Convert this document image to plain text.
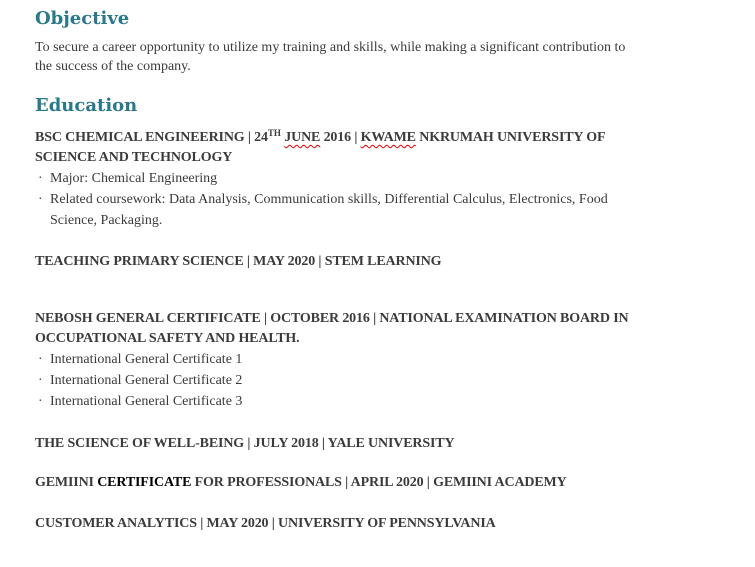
Objective
To secure a career opportunity to utilize my training and skills, while making a significant contribution to
the success of the company.
Education
BSC CHEMICAL ENGINEERING | 24TH JUNE 2016 | KWAME NKRUMAH UNIVERSITY OF
SCIENCE AND TECHNOLOGY
· Major: Chemical Engineering
· Related coursework: Data Analysis, Communication skills, Differential Calculus, Electronics, Food
Science, Packaging.
TEACHING PRIMARY SCIENCE | MAY 2020 | STEM LEARNING
NEBOSH GENERAL CERTIFICATE | OCTOBER 2016 | NATIONAL EXAMINATION BOARD IN
OCCUPATIONAL SAFETY AND HEALTH.
· International General Certificate 1
· International General Certificate 2
· International General Certificate 3
THE SCIENCE OF WELL-BEING | JULY 2018 | YALE UNIVERSITY
GEMIINI CERTIFICATE FOR PROFESSIONALS | APRIL 2020 | GEMIINI ACADEMY
CUSTOMER ANALYTICS | MAY 2020 | UNIVERSITY OF PENNSYLVANIA
